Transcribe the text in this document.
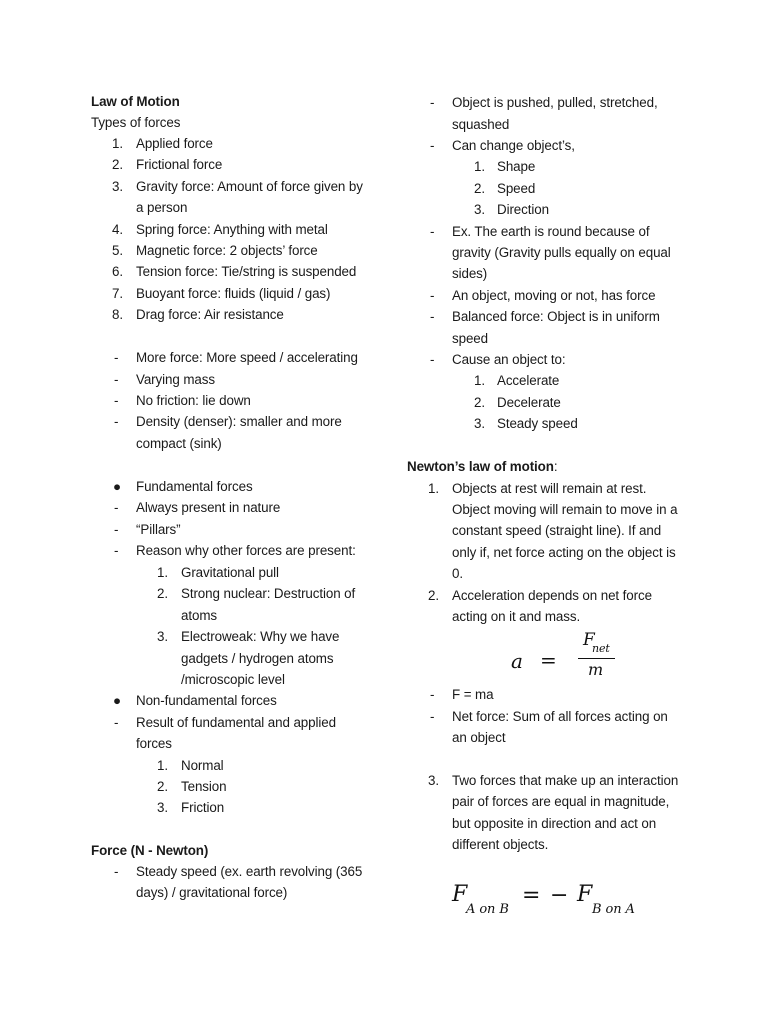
Law of Motion
Types of forces
1. Applied force
2. Frictional force
3. Gravity force: Amount of force given by
a person
4. Spring force: Anything with metal
5. Magnetic force: 2 objects’ force
6. Tension force: Tie/string is suspended
7. Buoyant force: fluids (liquid / gas)
8. Drag force: Air resistance
- More force: More speed / accelerating
- Varying mass
- No friction: lie down
- Density (denser): smaller and more
compact (sink)
● Fundamental forces
- Always present in nature
- “Pillars”
- Reason why other forces are present:
1. Gravitational pull
2. Strong nuclear: Destruction of
atoms
3. Electroweak: Why we have
gadgets / hydrogen atoms
/microscopic level
● Non-fundamental forces
- Result of fundamental and applied
forces
1. Normal
2. Tension
3. Friction
Force (N - Newton)
- Steady speed (ex. earth revolving (365
days) / gravitational force)
- Object is pushed, pulled, stretched,
squashed
- Can change object’s,
1. Shape
2. Speed
3. Direction
- Ex. The earth is round because of
gravity (Gravity pulls equally on equal
sides)
- An object, moving or not, has force
- Balanced force: Object is in uniform
speed
- Cause an object to:
1. Accelerate
2. Decelerate
3. Steady speed
Newton’s law of motion:
1. Objects at rest will remain at rest.
Object moving will remain to move in a
constant speed (straight line). If and
only if, net force acting on the object is
0.
2. Acceleration depends on net force
acting on it and mass.
a =
F
net
m
- F = ma
- Net force: Sum of all forces acting on
an object
3. Two forces that make up an interaction
pair of forces are equal in magnitude,
but opposite in direction and act on
different objects.
F
A on B
= − F
B on A
